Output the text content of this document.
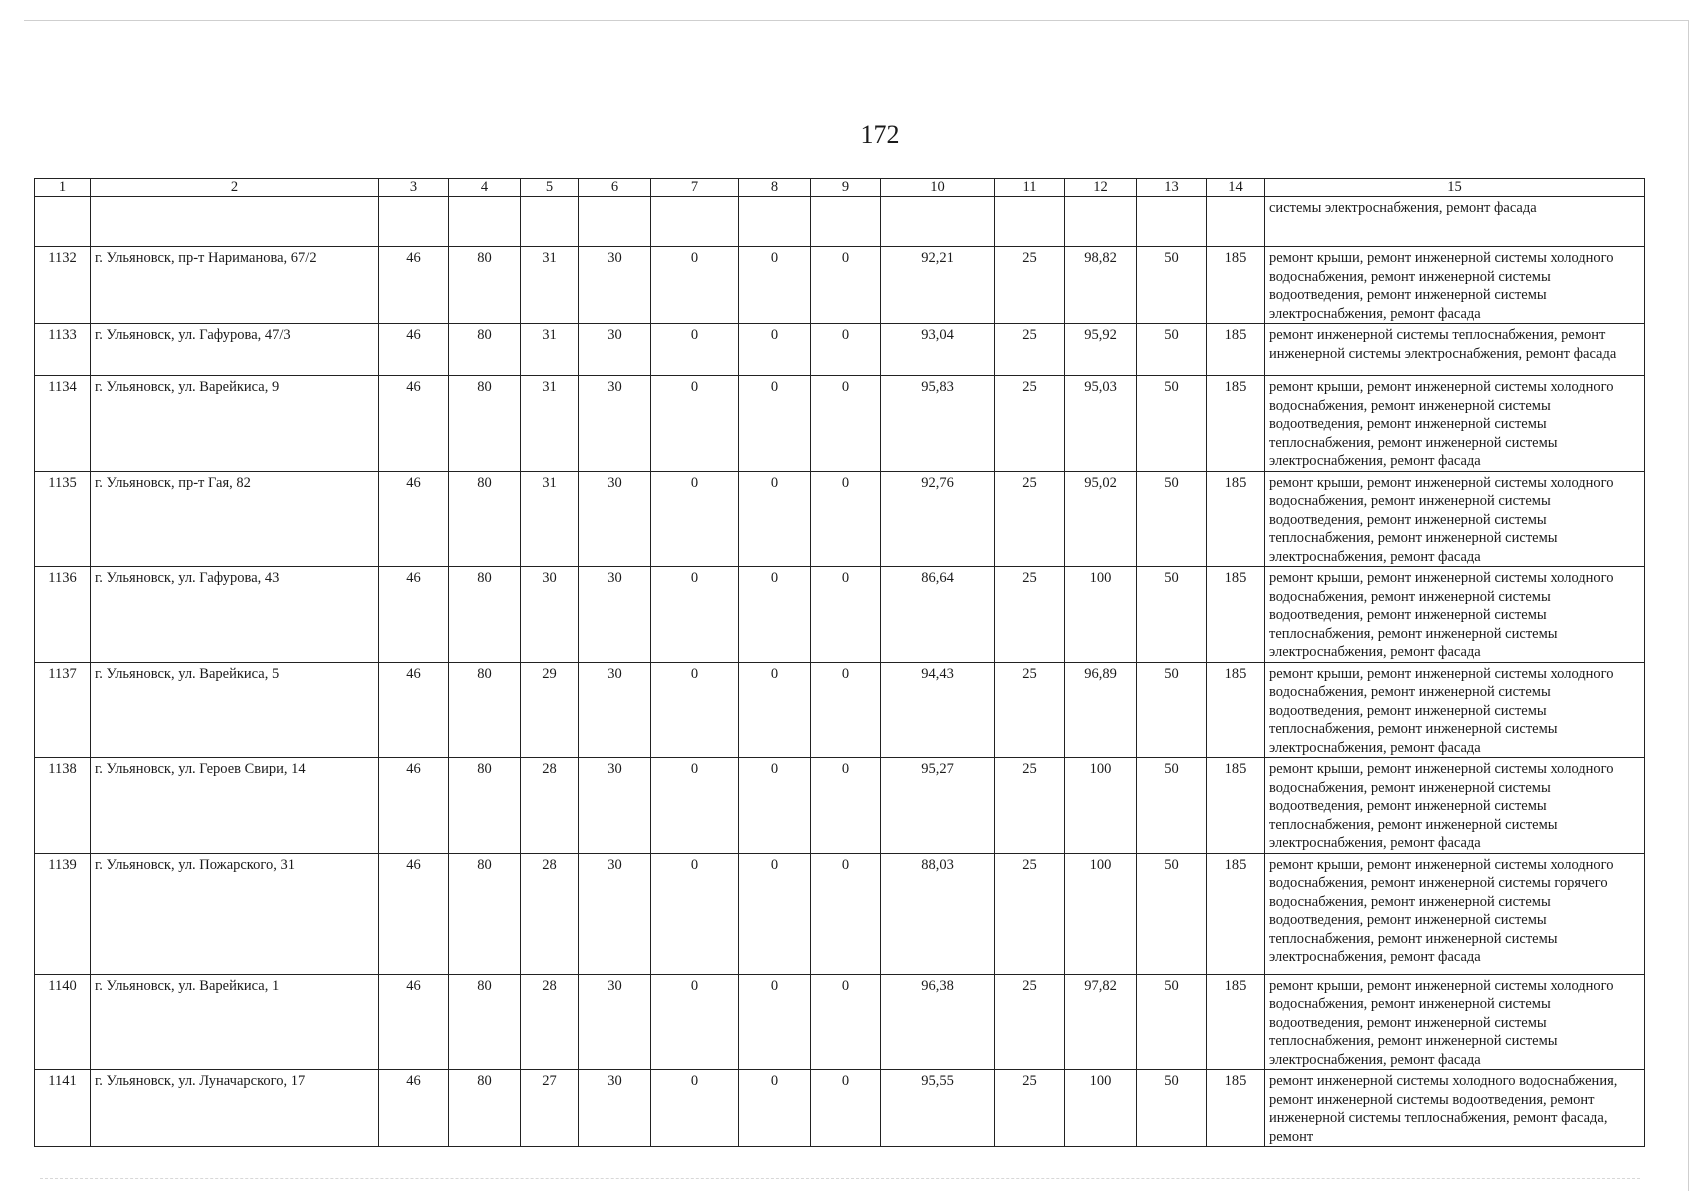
172
1	2	3	4	5	6	7	8	9	10	11	12	13	14	15
														системы электроснабжения, ремонт фасада
1132	г. Ульяновск, пр-т Нариманова, 67/2	46	80	31	30	0	0	0	92,21	25	98,82	50	185	ремонт крыши, ремонт инженерной системы холодного водоснабжения, ремонт инженерной системы водоотведения, ремонт инженерной системы электроснабжения, ремонт фасада
1133	г. Ульяновск, ул. Гафурова, 47/3	46	80	31	30	0	0	0	93,04	25	95,92	50	185	ремонт инженерной системы теплоснабжения, ремонт инженерной системы электроснабжения, ремонт фасада
1134	г. Ульяновск, ул. Варейкиса, 9	46	80	31	30	0	0	0	95,83	25	95,03	50	185	ремонт крыши, ремонт инженерной системы холодного водоснабжения, ремонт инженерной системы водоотведения, ремонт инженерной системы теплоснабжения, ремонт инженерной системы электроснабжения, ремонт фасада
1135	г. Ульяновск, пр-т Гая, 82	46	80	31	30	0	0	0	92,76	25	95,02	50	185	ремонт крыши, ремонт инженерной системы холодного водоснабжения, ремонт инженерной системы водоотведения, ремонт инженерной системы теплоснабжения, ремонт инженерной системы электроснабжения, ремонт фасада
1136	г. Ульяновск, ул. Гафурова, 43	46	80	30	30	0	0	0	86,64	25	100	50	185	ремонт крыши, ремонт инженерной системы холодного водоснабжения, ремонт инженерной системы водоотведения, ремонт инженерной системы теплоснабжения, ремонт инженерной системы электроснабжения, ремонт фасада
1137	г. Ульяновск, ул. Варейкиса, 5	46	80	29	30	0	0	0	94,43	25	96,89	50	185	ремонт крыши, ремонт инженерной системы холодного водоснабжения, ремонт инженерной системы водоотведения, ремонт инженерной системы теплоснабжения, ремонт инженерной системы электроснабжения, ремонт фасада
1138	г. Ульяновск, ул. Героев Свири, 14	46	80	28	30	0	0	0	95,27	25	100	50	185	ремонт крыши, ремонт инженерной системы холодного водоснабжения, ремонт инженерной системы водоотведения, ремонт инженерной системы теплоснабжения, ремонт инженерной системы электроснабжения, ремонт фасада
1139	г. Ульяновск, ул. Пожарского, 31	46	80	28	30	0	0	0	88,03	25	100	50	185	ремонт крыши, ремонт инженерной системы холодного водоснабжения, ремонт инженерной системы горячего водоснабжения, ремонт инженерной системы водоотведения, ремонт инженерной системы теплоснабжения, ремонт инженерной системы электроснабжения, ремонт фасада
1140	г. Ульяновск, ул. Варейкиса, 1	46	80	28	30	0	0	0	96,38	25	97,82	50	185	ремонт крыши, ремонт инженерной системы холодного водоснабжения, ремонт инженерной системы водоотведения, ремонт инженерной системы теплоснабжения, ремонт инженерной системы электроснабжения, ремонт фасада
1141	г. Ульяновск, ул. Луначарского, 17	46	80	27	30	0	0	0	95,55	25	100	50	185	ремонт инженерной системы холодного водоснабжения, ремонт инженерной системы водоотведения, ремонт инженерной системы теплоснабжения, ремонт фасада, ремонт
